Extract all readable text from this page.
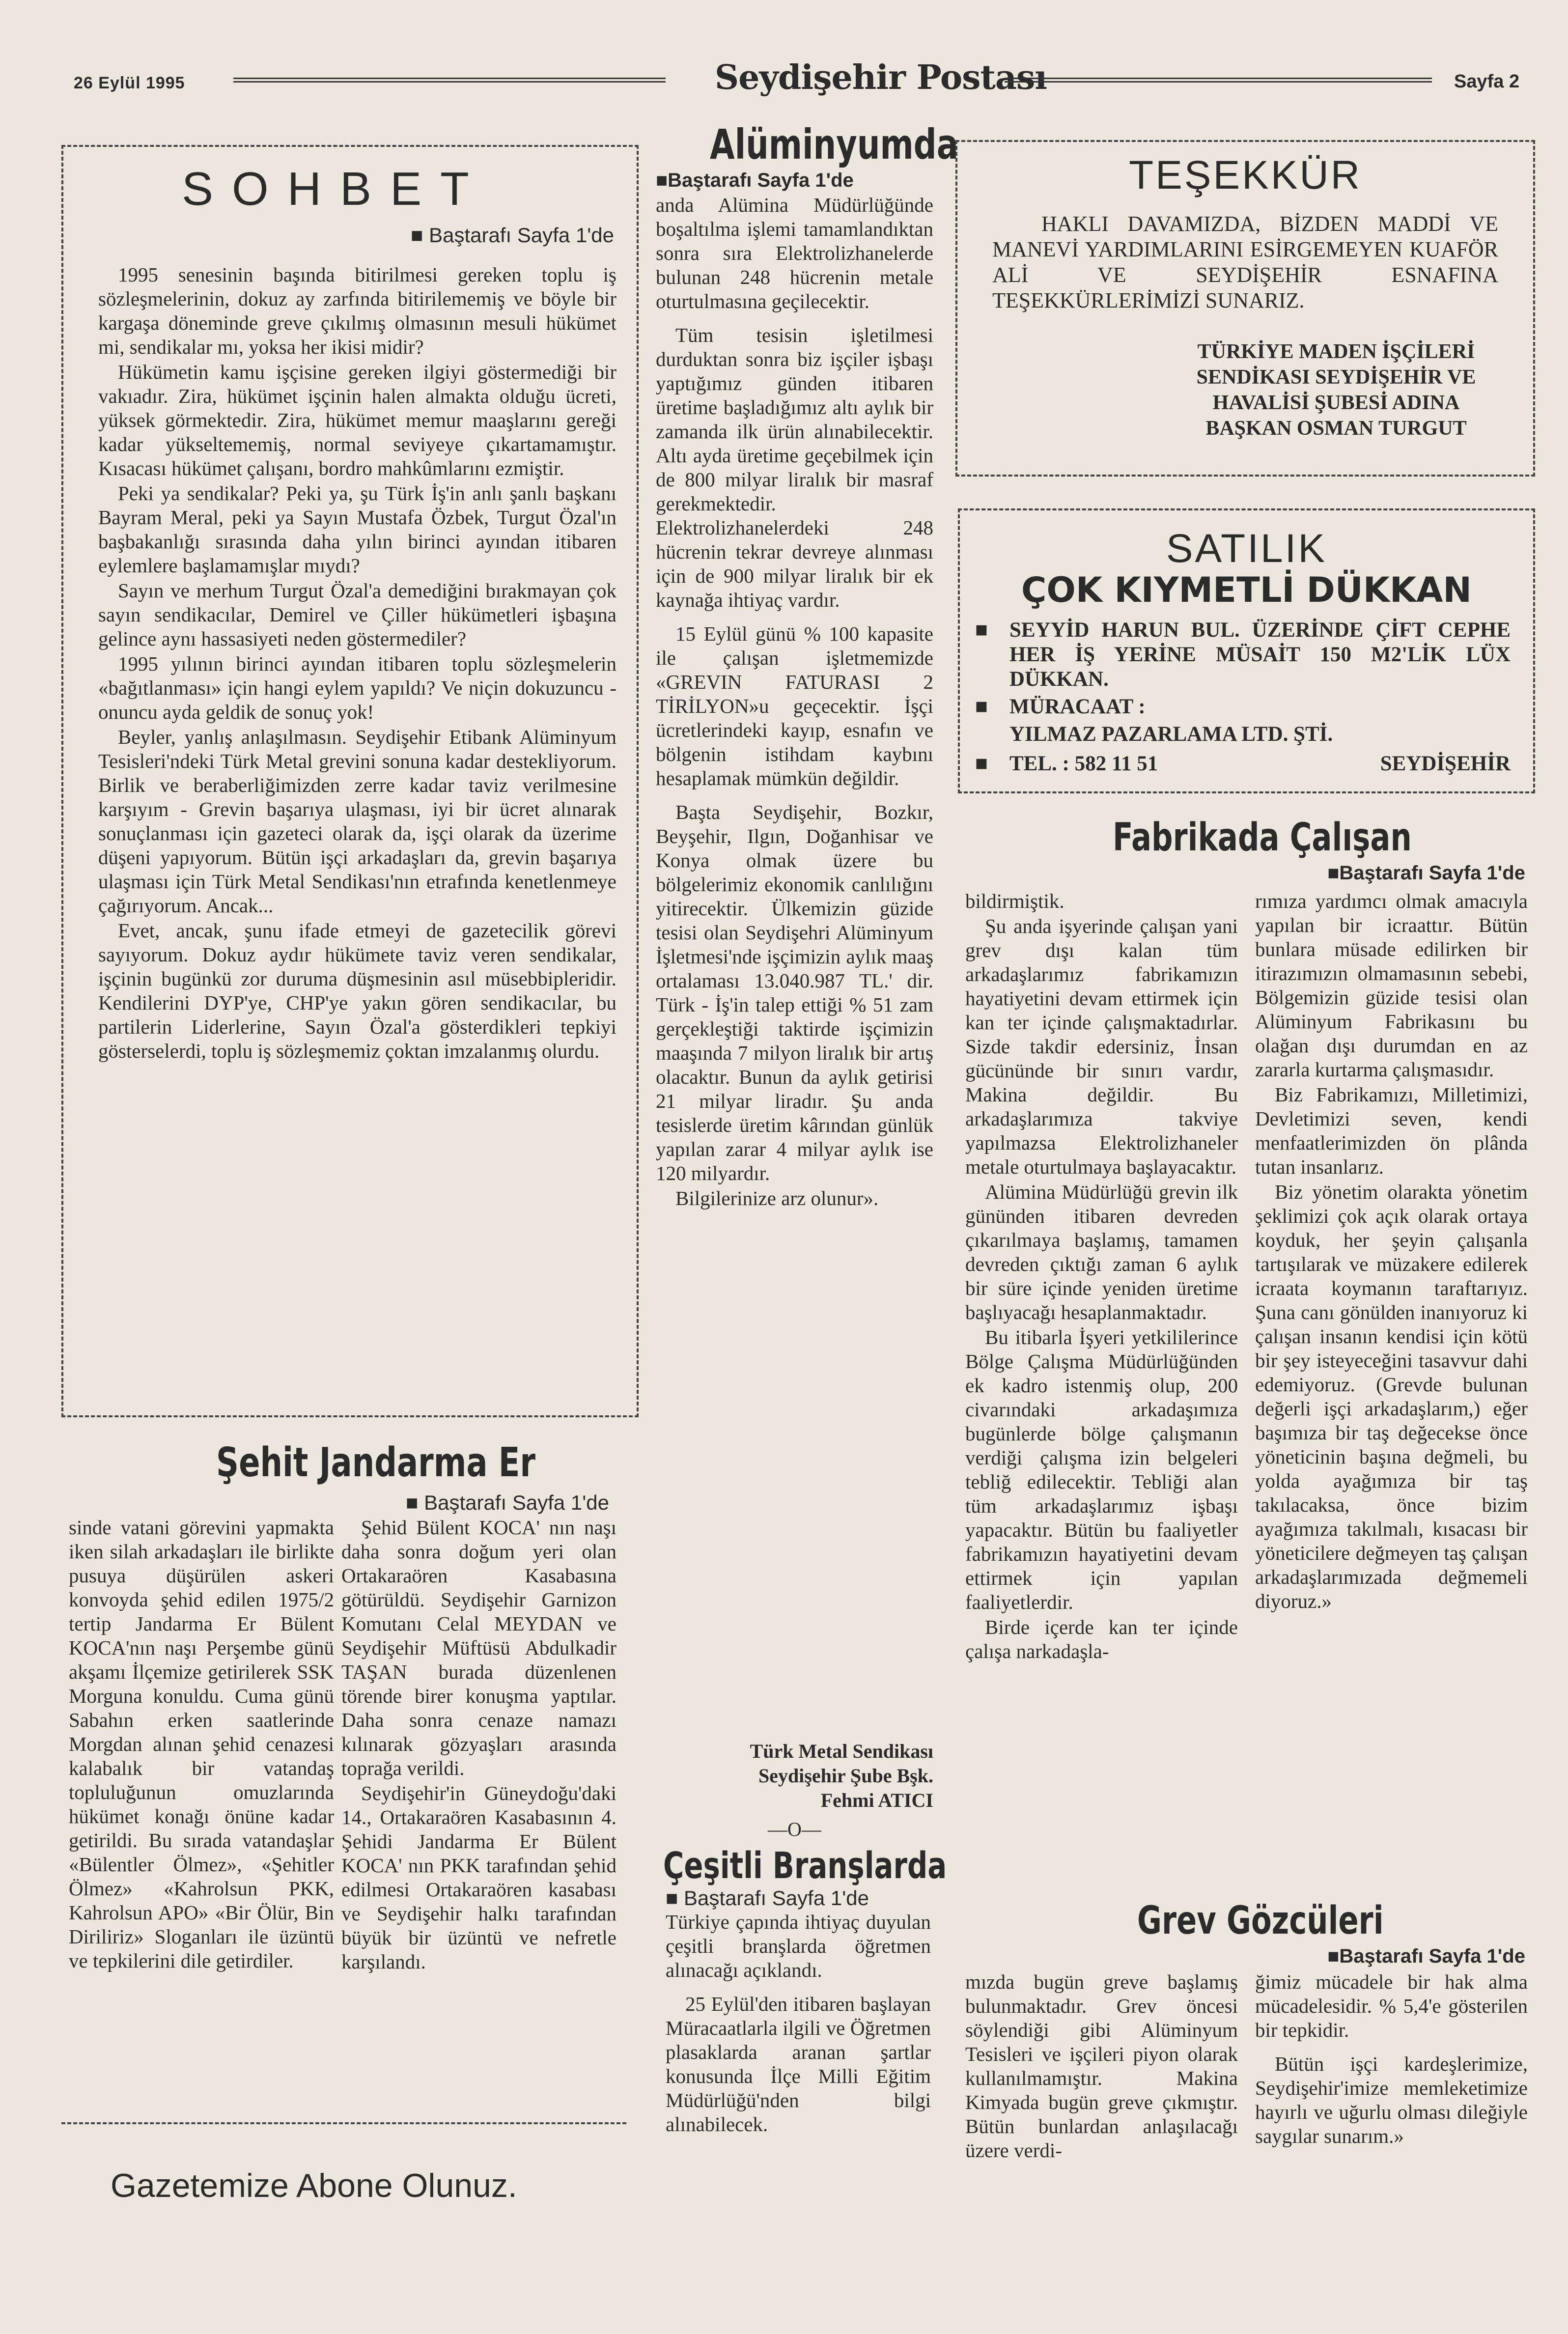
26 Eylül 1995	Seydişehir Postası	Sayfa 2
SOHBET
■ Baştarafı Sayfa 1'de

1995 senesinin başında bitirilmesi gereken toplu iş sözleşmelerinin, dokuz ay zarfında bitirilememiş ve böyle bir kargaşa döneminde greve çıkılmış olmasının mesuli hükümet mi, sendikalar mı, yoksa her ikisi midir?

Hükümetin kamu işçisine gereken ilgiyi göstermediği bir vakıadır. Zira, hükümet işçinin halen almakta olduğu ücreti, yüksek görmektedir. Zira, hükümet memur maaşlarını gereği kadar yükseltememiş, normal seviyeye çıkartamamıştır. Kısacası hükümet çalışanı, bordro mahkûmlarını ezmiştir.

Peki ya sendikalar? Peki ya, şu Türk İş'in anlı şanlı başkanı Bayram Meral, peki ya Sayın Mustafa Özbek, Turgut Özal'ın başbakanlığı sırasında daha yılın birinci ayından itibaren eylemlere başlamamışlar mıydı?

Sayın ve merhum Turgut Özal'a demediğini bırakmayan çok sayın sendikacılar, Demirel ve Çiller hükümetleri işbaşına gelince aynı hassasiyeti neden göstermediler?

1995 yılının birinci ayından itibaren toplu sözleşmelerin «bağıtlanması» için hangi eylem yapıldı? Ve niçin dokuzuncu - onuncu ayda geldik de sonuç yok!

Beyler, yanlış anlaşılmasın. Seydişehir Etibank Alüminyum Tesisleri'ndeki Türk Metal grevini sonuna kadar destekliyorum. Birlik ve beraberliğimizden zerre kadar taviz verilmesine karşıyım - Grevin başarıya ulaşması, iyi bir ücret alınarak sonuçlanması için gazeteci olarak da, işçi olarak da üzerime düşeni yapıyorum. Bütün işçi arkadaşları da, grevin başarıya ulaşması için Türk Metal Sendikası'nın etrafında kenetlenmeye çağırıyorum. Ancak...

Evet, ancak, şunu ifade etmeyi de gazetecilik görevi sayıyorum. Dokuz aydır hükümete taviz veren sendikalar, işçinin bugünkü zor duruma düşmesinin asıl müsebbipleridir. Kendilerini DYP'ye, CHP'ye yakın gören sendikacılar, bu partilerin Liderlerine, Sayın Özal'a gösterdikleri tepkiyi gösterselerdi, toplu iş sözleşmemiz çoktan imzalanmış olurdu.

Şehit Jandarma Er
■ Baştarafı Sayfa 1'de

sinde vatani görevini yapmakta iken silah arkadaşları ile birlikte pusuya düşürülen askeri konvoyda şehid edilen 1975/2 tertip Jandarma Er Bülent KOCA'nın naşı Perşembe günü akşamı İlçemize getirilerek SSK Morguna konuldu. Cuma günü Sabahın erken saatlerinde Morgdan alınan şehid cenazesi kalabalık bir vatandaş topluluğunun omuzlarında hükümet konağı önüne kadar getirildi. Bu sırada vatandaşlar «Bülentler Ölmez», «Şehitler Ölmez» «Kahrolsun PKK, Kahrolsun APO» «Bir Ölür, Bin Diriliriz» Sloganları ile üzüntü ve tepkilerini dile getirdiler.

Şehid Bülent KOCA' nın naşı daha sonra doğum yeri olan Ortakaraören Kasabasına götürüldü. Seydişehir Garnizon Komutanı Celal MEYDAN ve Seydişehir Müftüsü Abdulkadir TAŞAN burada düzenlenen törende birer konuşma yaptılar. Daha sonra cenaze namazı kılınarak gözyaşları arasında toprağa verildi.

Seydişehir'in Güneydoğu'daki 14., Ortakaraören Kasabasının 4. Şehidi Jandarma Er Bülent KOCA' nın PKK tarafından şehid edilmesi Ortakaraören kasabası ve Seydişehir halkı tarafından büyük bir üzüntü ve nefretle karşılandı.

Gazetemize Abone Olunuz.
Alüminyumda
■Baştarafı Sayfa 1'de

anda Alümina Müdürlüğünde boşaltılma işlemi tamamlandıktan sonra sıra Elektrolizhanelerde bulunan 248 hücrenin metale oturtulmasına geçilecektir.

Tüm tesisin işletilmesi durduktan sonra biz işçiler işbaşı yaptığımız günden itibaren üretime başladığımız altı aylık bir zamanda ilk ürün alınabilecektir. Altı ayda üretime geçebilmek için de 800 milyar liralık bir masraf gerekmektedir. Elektrolizhanelerdeki 248 hücrenin tekrar devreye alınması için de 900 milyar liralık bir ek kaynağa ihtiyaç vardır.

15 Eylül günü % 100 kapasite ile çalışan işletmemizde «GREVIN FATURASI 2 TİRİLYON»u geçecektir. İşçi ücretlerindeki kayıp, esnafın ve bölgenin istihdam kaybını hesaplamak mümkün değildir.

Başta Seydişehir, Bozkır, Beyşehir, Ilgın, Doğanhisar ve Konya olmak üzere bu bölgelerimiz ekonomik canlılığını yitirecektir. Ülkemizin güzide tesisi olan Seydişehri Alüminyum İşletmesi'nde işçimizin aylık maaş ortalaması 13.040.987 TL.' dir. Türk - İş'in talep ettiği % 51 zam gerçekleştiği taktirde işçimizin maaşında 7 milyon liralık bir artış olacaktır. Bunun da aylık getirisi 21 milyar liradır. Şu anda tesislerde üretim kârından günlük yapılan zarar 4 milyar aylık ise 120 milyardır.

Bilgilerinize arz olunur».

Türk Metal Sendikası
Seydişehir Şube Bşk.
Fehmi ATICI
—O—
Çeşitli Branşlarda
■ Baştarafı Sayfa 1'de

Türkiye çapında ihtiyaç duyulan çeşitli branşlarda öğretmen alınacağı açıklandı.

25 Eylül'den itibaren başlayan Müracaatlarla ilgili ve Öğretmen plasaklarda aranan şartlar konusunda İlçe Milli Eğitim Müdürlüğü'nden bilgi alınabilecek.

TEŞEKKÜR
HAKLI DAVAMIZDA, BİZDEN MADDİ VE MANEVİ YARDIMLARINI ESİRGEMEYEN KUAFÖR ALİ VE SEYDİŞEHİR ESNAFINA TEŞEKKÜRLERİMİZİ SUNARIZ.
TÜRKİYE MADEN İŞÇİLERİ
SENDİKASI SEYDİŞEHİR VE
HAVALİSİ ŞUBESİ ADINA
BAŞKAN OSMAN TURGUT
SATILIK
ÇOK KIYMETLİ DÜKKAN
■	SEYYİD HARUN BUL. ÜZERİNDE ÇİFT CEPHE HER İŞ YERİNE MÜSAİT 150 M2'LİK LÜX DÜKKAN.
■	MÜRACAAT :
YILMAZ PAZARLAMA LTD. ŞTİ.
■	TEL. : 582 11 51	SEYDİŞEHİR
Fabrikada Çalışan
■Baştarafı Sayfa 1'de

bildirmiştik.

Şu anda işyerinde çalışan yani grev dışı kalan tüm arkadaşlarımız fabrikamızın hayatiyetini devam ettirmek için kan ter içinde çalışmaktadırlar. Sizde takdir edersiniz, İnsan gücününde bir sınırı vardır, Makina değildir. Bu arkadaşlarımıza takviye yapılmazsa Elektrolizhaneler metale oturtulmaya başlayacaktır.

Alümina Müdürlüğü grevin ilk gününden itibaren devreden çıkarılmaya başlamış, tamamen devreden çıktığı zaman 6 aylık bir süre içinde yeniden üretime başlıyacağı hesaplanmaktadır.

Bu itibarla İşyeri yetkililerince Bölge Çalışma Müdürlüğünden ek kadro istenmiş olup, 200 civarındaki arkadaşımıza bugünlerde bölge çalışmanın verdiği çalışma izin belgeleri tebliğ edilecektir. Tebliği alan tüm arkadaşlarımız işbaşı yapacaktır. Bütün bu faaliyetler fabrikamızın hayatiyetini devam ettirmek için yapılan faaliyetlerdir.

Birde içerde kan ter içinde çalışa narkadaşla-

rımıza yardımcı olmak amacıyla yapılan bir icraattır. Bütün bunlara müsade edilirken bir itirazımızın olmamasının sebebi, Bölgemizin güzide tesisi olan Alüminyum Fabrikasını bu olağan dışı durumdan en az zararla kurtarma çalışmasıdır.

Biz Fabrikamızı, Milletimizi, Devletimizi seven, kendi menfaatlerimizden ön plânda tutan insanlarız.

Biz yönetim olarakta yönetim şeklimizi çok açık olarak ortaya koyduk, her şeyin çalışanla tartışılarak ve müzakere edilerek icraata koymanın taraftarıyız. Şuna canı gönülden inanıyoruz ki çalışan insanın kendisi için kötü bir şey isteyeceğini tasavvur dahi edemiyoruz. (Grevde bulunan değerli işçi arkadaşlarım,) eğer başımıza bir taş değecekse önce yöneticinin başına değmeli, bu yolda ayağımıza bir taş takılacaksa, önce bizim ayağımıza takılmalı, kısacası bir yöneticilere değmeyen taş çalışan arkadaşlarımızada değmemeli diyoruz.»

Grev Gözcüleri
■Baştarafı Sayfa 1'de

mızda bugün greve başlamış bulunmaktadır. Grev öncesi söylendiği gibi Alüminyum Tesisleri ve işçileri piyon olarak kullanılmamıştır. Makina Kimyada bugün greve çıkmıştır. Bütün bunlardan anlaşılacağı üzere verdi-

ğimiz mücadele bir hak alma mücadelesidir. % 5,4'e gösterilen bir tepkidir.

Bütün işçi kardeşlerimize, Seydişehir'imize memleketimize hayırlı ve uğurlu olması dileğiyle saygılar sunarım.»
